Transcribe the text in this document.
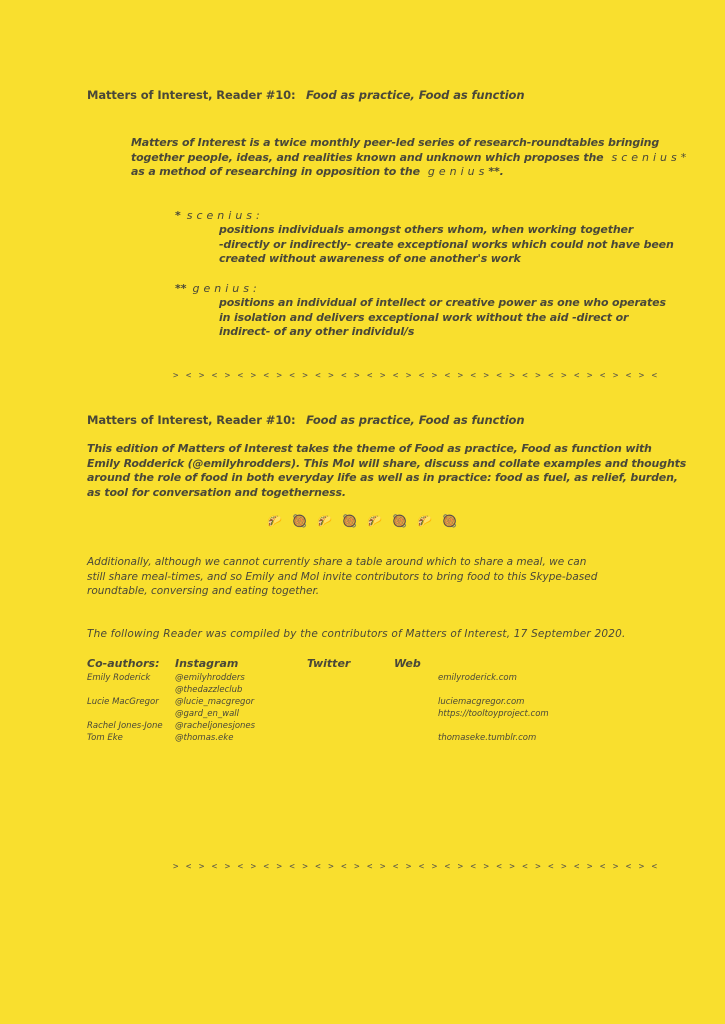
Matters of Interest, Reader #10: Food as practice, Food as function
Matters of Interest is a twice monthly peer-led series of research-roundtables bringing
together people, ideas, and realities known and unknown which proposes the scenius*
as a method of researching in opposition to the genius**.
* scenius:
positions individuals amongst others whom, when working together
-directly or indirectly- create exceptional works which could not have been
created without awareness of one another's work
** genius:
positions an individual of intellect or creative power as one who operates
in isolation and delivers exceptional work without the aid -direct or
indirect- of any other individul/s
> < > < > < > < > < > < > < > < > < > < > < > < > < > < > < > < > < > < > <
Matters of Interest, Reader #10: Food as practice, Food as function
This edition of Matters of Interest takes the theme of Food as practice, Food as function with
Emily Rodderick (@emilyhrodders). This MoI will share, discuss and collate examples and thoughts
around the role of food in both everyday life as well as in practice: food as fuel, as relief, burden,
as tool for conversation and togetherness.
🌮 🥘 🌮 🥘 🌮 🥘 🌮 🥘
Additionally, although we cannot currently share a table around which to share a meal, we can
still share meal-times, and so Emily and MoI invite contributors to bring food to this Skype-based
roundtable, conversing and eating together.
The following Reader was compiled by the contributors of Matters of Interest, 17 September 2020.
Co-authors: Instagram	Twitter	Web
Emily Roderick

Lucie MacGregor

Rachel Jones-Jone
Tom Eke
@emilyhrodders
@thedazzleclub
@lucie_macgregor
@gard_en_wall
@racheljonesjones
@thomas.eke
emilyroderick.com

luciemacgregor.com
https://tooltoyproject.com

thomaseke.tumblr.com
> < > < > < > < > < > < > < > < > < > < > < > < > < > < > < > < > < > < > <
